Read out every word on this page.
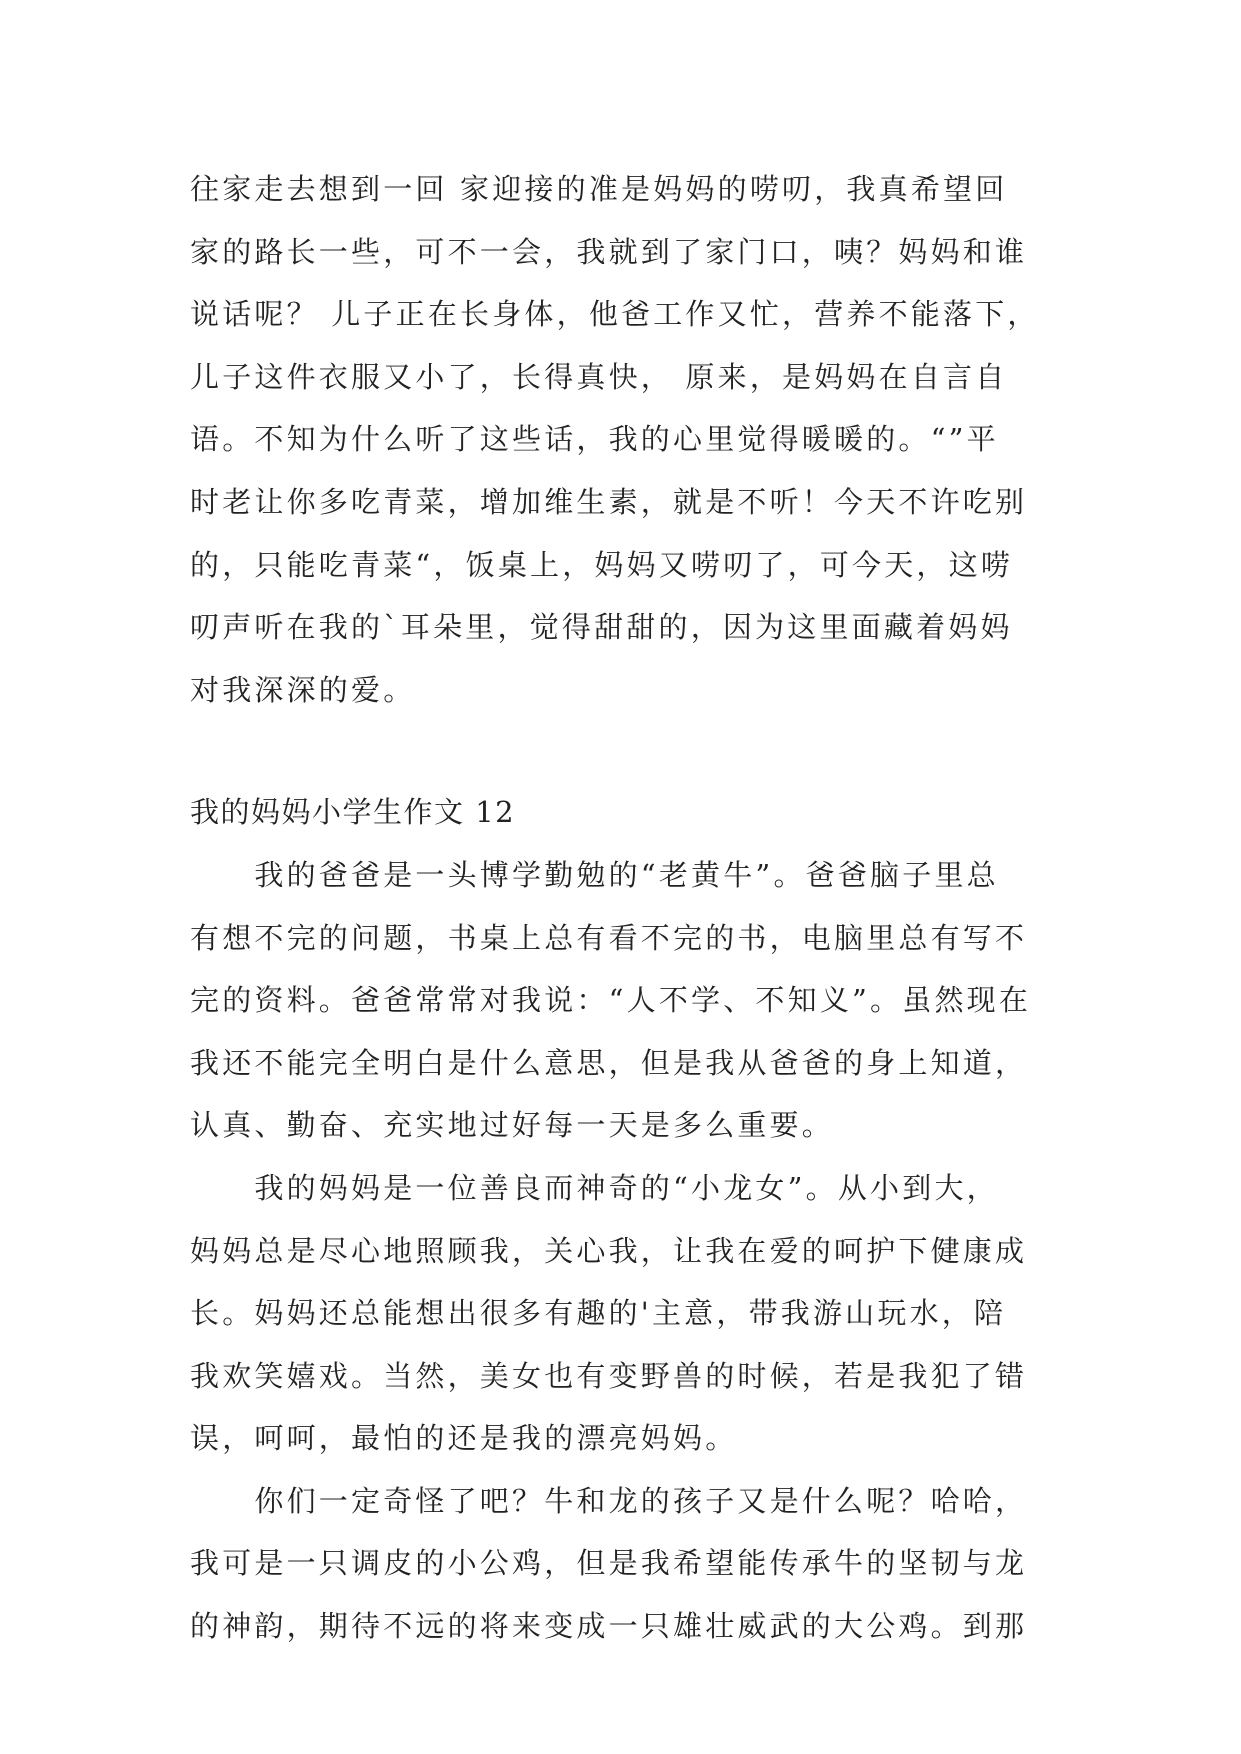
往家走去想到一回 家迎接的准是妈妈的唠叨，我真希望回
家的路长一些，可不一会，我就到了家门口，咦？妈妈和谁
说话呢？ 儿子正在长身体，他爸工作又忙，营养不能落下，
儿子这件衣服又小了，长得真快， 原来，是妈妈在自言自
语。不知为什么听了这些话，我的心里觉得暖暖的。“”平
时老让你多吃青菜，增加维生素，就是不听！今天不许吃别
的，只能吃青菜“，饭桌上，妈妈又唠叨了，可今天，这唠
叨声听在我的`耳朵里，觉得甜甜的，因为这里面藏着妈妈
对我深深的爱。
我的妈妈小学生作文 12
　　我的爸爸是一头博学勤勉的“老黄牛”。爸爸脑子里总
有想不完的问题，书桌上总有看不完的书，电脑里总有写不
完的资料。爸爸常常对我说：“人不学、不知义”。虽然现在
我还不能完全明白是什么意思，但是我从爸爸的身上知道，
认真、勤奋、充实地过好每一天是多么重要。
　　我的妈妈是一位善良而神奇的“小龙女”。从小到大，
妈妈总是尽心地照顾我，关心我，让我在爱的呵护下健康成
长。妈妈还总能想出很多有趣的'主意，带我游山玩水，陪
我欢笑嬉戏。当然，美女也有变野兽的时候，若是我犯了错
误，呵呵，最怕的还是我的漂亮妈妈。
　　你们一定奇怪了吧？牛和龙的孩子又是什么呢？哈哈，
我可是一只调皮的小公鸡，但是我希望能传承牛的坚韧与龙
的神韵，期待不远的将来变成一只雄壮威武的大公鸡。到那
